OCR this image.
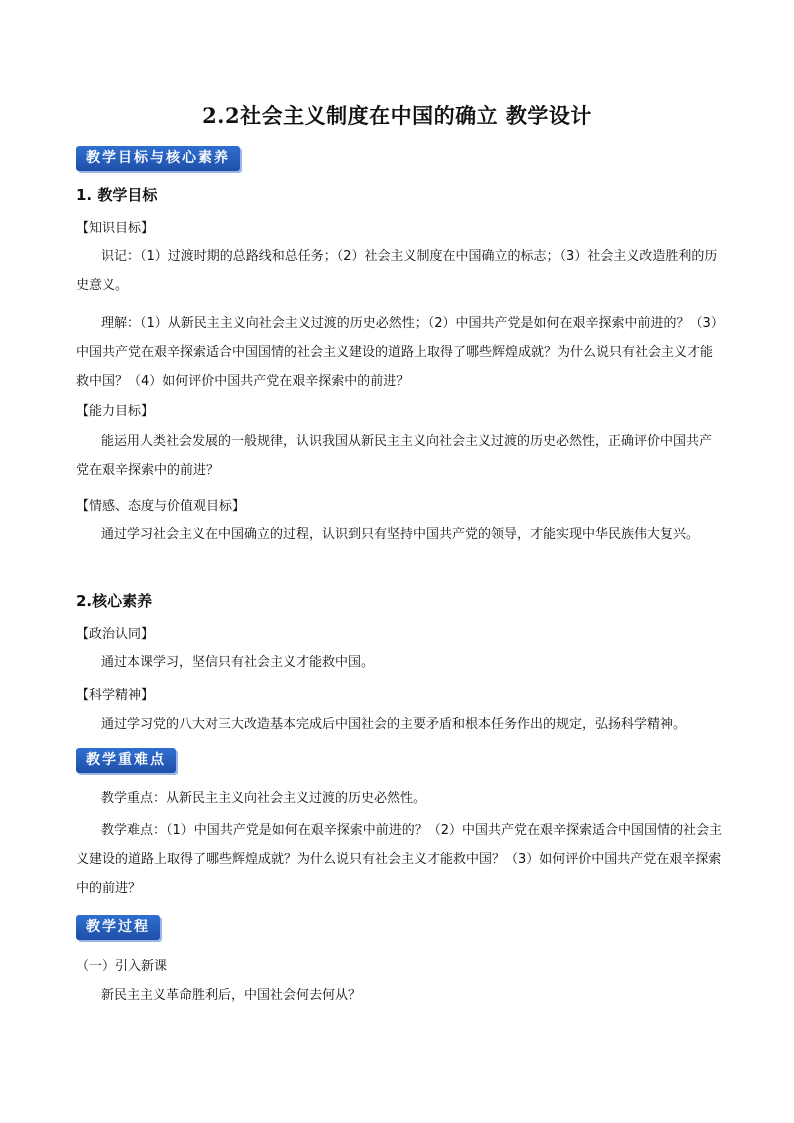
2.2社会主义制度在中国的确立 教学设计
教学目标与核心素养
1. 教学目标
【知识目标】
识记：（1）过渡时期的总路线和总任务；（2）社会主义制度在中国确立的标志；（3）社会主义改造胜利的历史意义。
理解：（1）从新民主主义向社会主义过渡的历史必然性；（2）中国共产党是如何在艰辛探索中前进的？（3）中国共产党在艰辛探索适合中国国情的社会主义建设的道路上取得了哪些辉煌成就？为什么说只有社会主义才能救中国？（4）如何评价中国共产党在艰辛探索中的前进？
【能力目标】
能运用人类社会发展的一般规律，认识我国从新民主主义向社会主义过渡的历史必然性，正确评价中国共产党在艰辛探索中的前进？
【情感、态度与价值观目标】
通过学习社会主义在中国确立的过程，认识到只有坚持中国共产党的领导，才能实现中华民族伟大复兴。
2.核心素养
【政治认同】
通过本课学习，坚信只有社会主义才能救中国。
【科学精神】
通过学习党的八大对三大改造基本完成后中国社会的主要矛盾和根本任务作出的规定，弘扬科学精神。
教学重难点
教学重点：从新民主主义向社会主义过渡的历史必然性。
教学难点：（1）中国共产党是如何在艰辛探索中前进的？（2）中国共产党在艰辛探索适合中国国情的社会主义建设的道路上取得了哪些辉煌成就？为什么说只有社会主义才能救中国？（3）如何评价中国共产党在艰辛探索中的前进？
教学过程
（一）引入新课
新民主主义革命胜利后，中国社会何去何从？
